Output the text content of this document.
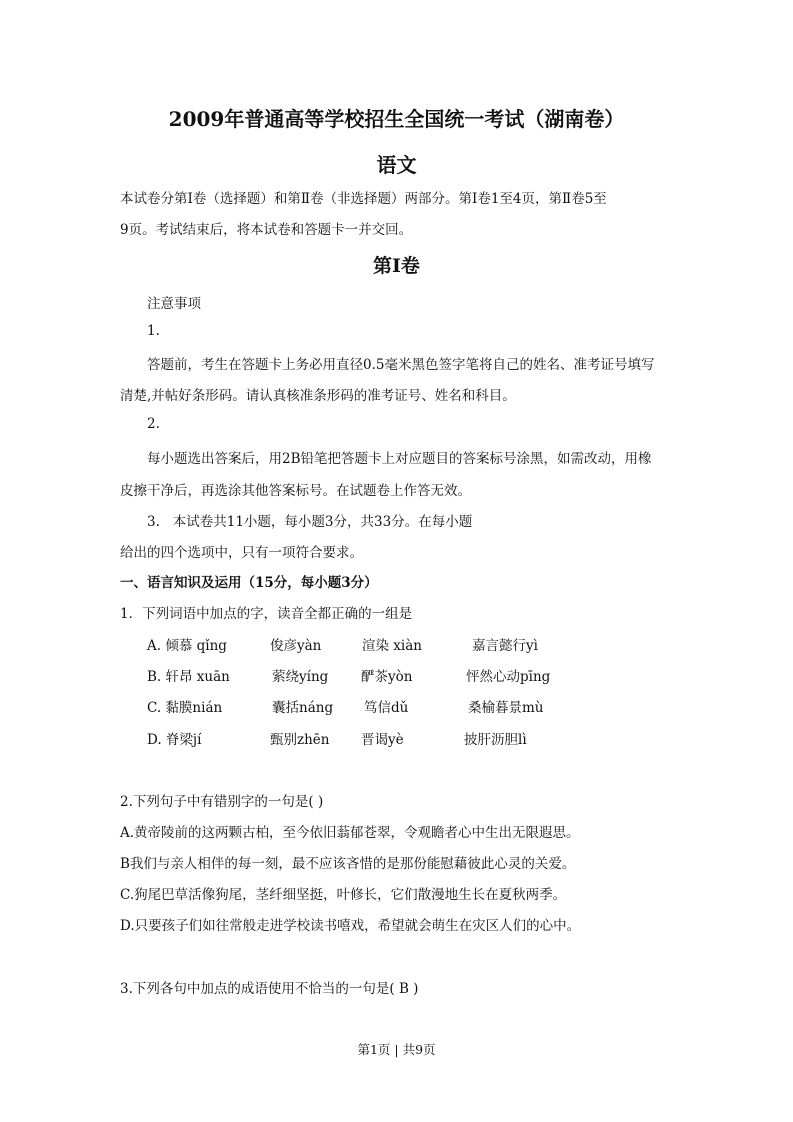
2009年普通高等学校招生全国统一考试（湖南卷）
语文
本试卷分第Ⅰ卷（选择题）和第Ⅱ卷（非选择题）两部分。第Ⅰ卷1至4页，第Ⅱ卷5至
9页。考试结束后，将本试卷和答题卡一并交回。
第Ⅰ卷
注意事项
1.
答题前，考生在答题卡上务必用直径0.5毫米黑色签字笔将自己的姓名、准考证号填写
清楚,并帖好条形码。请认真核准条形码的准考证号、姓名和科目。
2.
每小题选出答案后，用2B铅笔把答题卡上对应题目的答案标号涂黑，如需改动，用橡
皮擦干净后，再选涂其他答案标号。在试题卷上作答无效。
3.   本试卷共11小题，每小题3分，共33分。在每小题
给出的四个选项中，只有一项符合要求。
一、语言知识及运用（15分，每小题3分）
1．下列词语中加点的字，读音全都正确的一组是
A. 倾慕 qǐng	俊彦yàn	渲染 xiàn	嘉言懿行yì
B. 轩昂 xuān	萦绕yíng 酽茶yòn	怦然心动pīng
C. 黏膜nián	囊括náng 笃信dǔ	桑榆暮景mù
D. 脊梁jí	甄别zhēn 晋谒yè	披肝沥胆lì
2.下列句子中有错别字的一句是( )
A.黄帝陵前的这两颗古柏，至今依旧蓊郁苍翠，令观瞻者心中生出无限遐思。
B我们与亲人相伴的每一刻，最不应该吝惜的是那份能慰藉彼此心灵的关爱。
C.狗尾巴草活像狗尾，茎纤细坚挺，叶修长，它们散漫地生长在夏秋两季。
D.只要孩子们如往常般走进学校读书嘻戏，希望就会萌生在灾区人们的心中。
3.下列各句中加点的成语使用不恰当的一句是( B )
第1页 | 共9页
